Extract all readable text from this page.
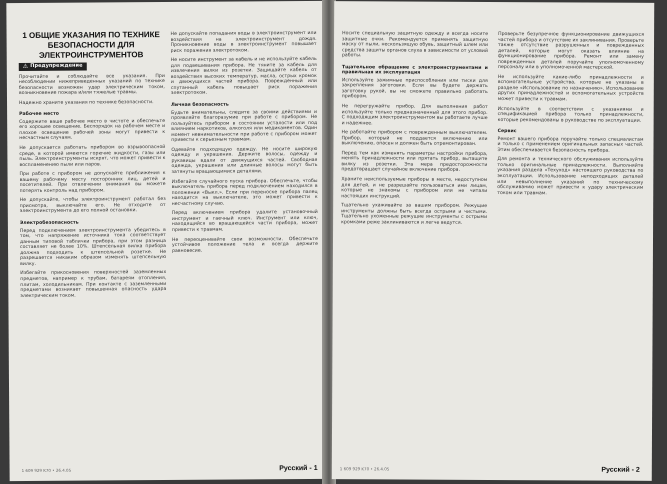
1 ОБЩИЕ УКАЗАНИЯ ПО ТЕХНИКЕ БЕЗОПАСНОСТИ ДЛЯ ЭЛЕКТРОИНСТРУМЕНТОВ
⚠ Предупреждение

Прочитайте и соблюдайте все указания. При несоблюдении нижеприведенных указаний по технике безопасности возможен удар электрическим током, возникновение пожара и/или тяжелые травмы.

Надежно храните указания по технике безопасности.

Рабочее место

Содержите ваше рабочее место в чистоте и обеспечьте его хорошее освещение. Беспорядок на рабочем месте и плохое освещение рабочей зоны могут привести к несчастным случаям.

Не допускается работать прибором во взрывоопасной среде, в которой имеются горючие жидкости, газы или пыль. Электроинструменты искрят, что может привести к воспламенению пыли или паров.

При работе с прибором не допускайте приближения к вашему рабочему месту посторонних лиц, детей и посетителей. При отвлечении внимания вы можете потерять контроль над прибором.

Не допускайте, чтобы электроинструмент работал без присмотра, выключайте его. Не отходите от электроинструмента до его полной остановки.

Электробезопасность

Перед подключением электроинструмента убедитесь в том, что напряжение источника тока соответствует данным типовой таблички прибора, при этом разница составляет не более 10%. Штепсельная вилка прибора должна подходить к штепсельной розетке. Не разрешается никаким образом изменять штепсельную вилку.

Избегайте прикосновения поверхностей заземленных предметов, например к трубам, батареям отопления, плитам, холодильникам. При контакте с заземленными предметами возникает повышенная опасность удара электрическим током.

Не допускайте попадания воды в электроинструмент или воздействия на электроинструмент дождя. Проникновение воды в электроинструмент повышает риск поражения электротоком.

Не носите инструмент за кабель и не используйте кабель для подвешивания прибора. Не тяните за кабель для извлечения вилки из розетки. Защищайте кабель от воздействия высоких температур, масла, острых кромок и движущихся частей прибора. Поврежденный или спутанный кабель повышает риск поражения электротоком.

Личная безопасность

Будьте внимательны, следите за своими действиями и проявляйте благоразумие при работе с прибором. Не пользуйтесь прибором в состоянии усталости или под влиянием наркотиков, алкоголя или медикаментов. Один момент невнимательности при работе с прибором может привести к серьезным травмам.

Одевайте подходящую одежду. Не носите широкую одежду и украшения. Держите волосы, одежду и рукавицы вдали от движущихся частей. Свободная одежда, украшения или длинные волосы могут быть затянуты вращающимися деталями.

Избегайте случайного пуска прибора. Обеспечьте, чтобы выключатель прибора перед подключением находился в положении «Выкл.». Если при переноске прибора палец находится на выключателе, это может привести к несчастному случаю.

Перед включением прибора удалите установочный инструмент и гаечный ключ. Инструмент или ключ, находящийся во вращающейся части прибора, может привести к травмам.

Не переоценивайте свои возможности. Обеспечьте устойчивое положение тела и всегда держите равновесие.

1 609 929 K70 • 26.4.05	Русский - 1

Носите специальную защитную одежду и всегда носите защитные очки. Рекомендуется применять защитную маску от пыли, нескользящую обувь, защитный шлем или средства защиты органов слуха в зависимости от условий работы.

Тщательное обращение с электроинструментами и правильная их эксплуатация

Используйте зажимные приспособления или тиски для закрепления заготовки. Если вы будете держать заготовку рукой, вы не сможете правильно работать прибором.

Не перегружайте прибор. Для выполнения работ используйте только предназначенный для этого прибор. С подходящим электроинструментом вы работаете лучше и надежнее.

Не работайте прибором с поврежденным выключателем. Прибор, который не поддается включению или выключению, опасен и должен быть отремонтирован.

Перед тем как изменять параметры настройки прибора, менять принадлежности или прятать прибор, вытащите вилку из розетки. Эта мера предосторожности предотвращает случайное включение прибора.

Храните неиспользуемые приборы в месте, недоступном для детей, и не разрешайте пользоваться ими лицам, которые не знакомы с прибором или не читали настоящих инструкций.

Тщательно ухаживайте за вашим прибором. Режущие инструменты должны быть всегда острыми и чистыми. Тщательно ухоженные режущие инструменты с острыми кромками реже заклиниваются и легче ведутся.

Проверьте безупречное функционирование движущихся частей прибора и отсутствие их заклинивания. Проверьте также отсутствие разрушенных и поврежденных деталей, которые могут оказать влияние на функционирование прибора. Ремонт или замену поврежденных деталей поручайте уполномоченному персоналу или в уполномоченной мастерской.

Не используйте какие-либо принадлежности и вспомогательные устройства, которые не указаны в разделе «Использование по назначению». Использование других принадлежностей и вспомогательных устройств может привести к травмам.

Используйте в соответствии с указаниями и спецификацией прибора только принадлежности, которые рекомендованы в руководстве по эксплуатации.

Сервис

Ремонт вашего прибора поручайте только специалистам и только с применением оригинальных запасных частей. Этим обеспечивается безопасность прибора.

Для ремонта и технического обслуживания используйте только оригинальные принадлежности. Выполняйте указания раздела «Техуход» настоящего руководства по эксплуатации. Использование неподходящих деталей или невыполнение указаний по техническому обслуживанию может привести к удару электрическим током или травмам.

1 609 929 K70 • 26.4.05	Русский - 2
